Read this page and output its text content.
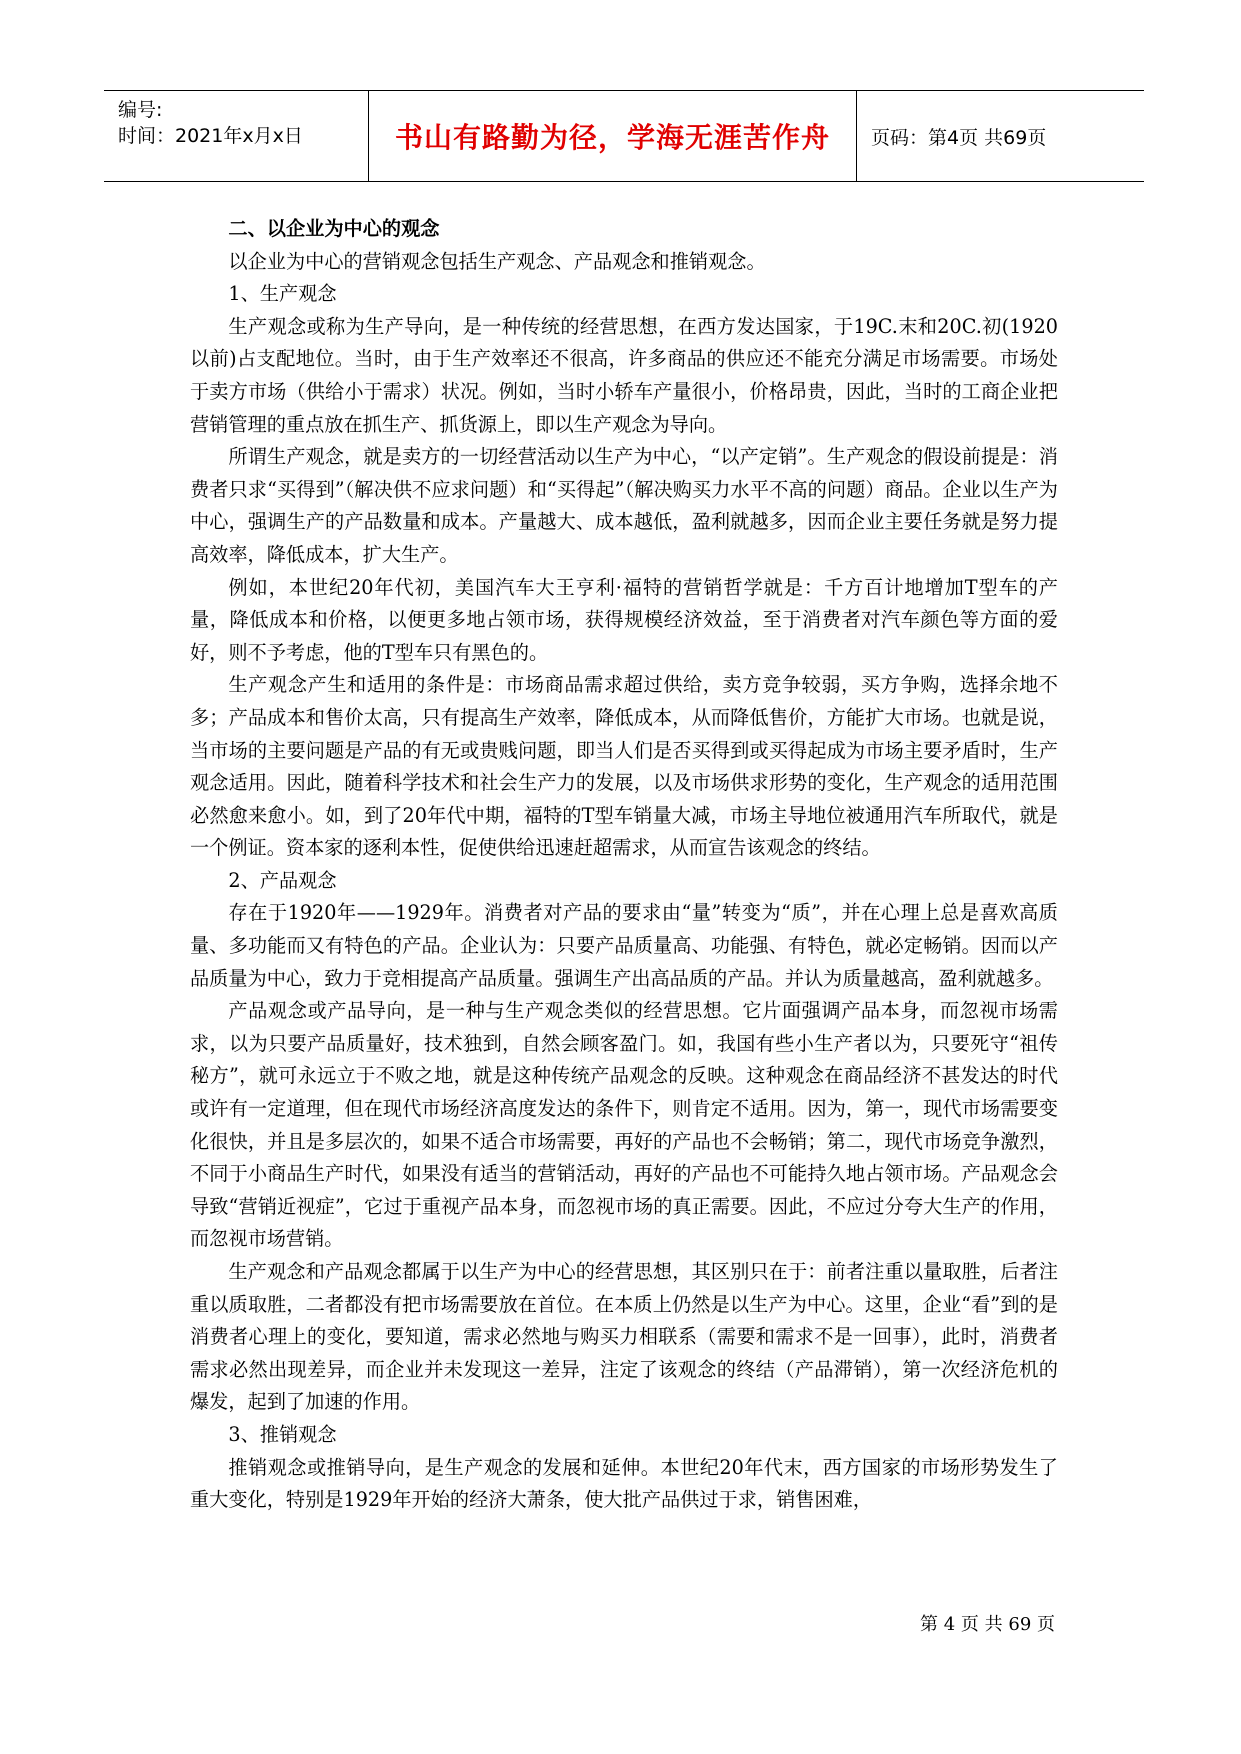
编号:
时间：2021年x月x日	书山有路勤为径，学海无涯苦作舟	页码：第4页 共69页

二、以企业为中心的观念

以企业为中心的营销观念包括生产观念、产品观念和推销观念。

1、生产观念

生产观念或称为生产导向，是一种传统的经营思想，在西方发达国家，于19C.末和20C.初(1920以前)占支配地位。当时，由于生产效率还不很高，许多商品的供应还不能充分满足市场需要。市场处于卖方市场（供给小于需求）状况。例如，当时小轿车产量很小，价格昂贵，因此，当时的工商企业把营销管理的重点放在抓生产、抓货源上，即以生产观念为导向。

所谓生产观念，就是卖方的一切经营活动以生产为中心，“以产定销”。生产观念的假设前提是：消费者只求“买得到”（解决供不应求问题）和“买得起”（解决购买力水平不高的问题）商品。企业以生产为中心，强调生产的产品数量和成本。产量越大、成本越低，盈利就越多，因而企业主要任务就是努力提高效率，降低成本，扩大生产。

例如，本世纪20年代初，美国汽车大王亨利·福特的营销哲学就是：千方百计地增加T型车的产量，降低成本和价格，以便更多地占领市场，获得规模经济效益，至于消费者对汽车颜色等方面的爱好，则不予考虑，他的T型车只有黑色的。

生产观念产生和适用的条件是：市场商品需求超过供给，卖方竞争较弱，买方争购，选择余地不多；产品成本和售价太高，只有提高生产效率，降低成本，从而降低售价，方能扩大市场。也就是说，当市场的主要问题是产品的有无或贵贱问题，即当人们是否买得到或买得起成为市场主要矛盾时，生产观念适用。因此，随着科学技术和社会生产力的发展，以及市场供求形势的变化，生产观念的适用范围必然愈来愈小。如，到了20年代中期，福特的T型车销量大减，市场主导地位被通用汽车所取代，就是一个例证。资本家的逐利本性，促使供给迅速赶超需求，从而宣告该观念的终结。

2、产品观念

存在于1920年——1929年。消费者对产品的要求由“量”转变为“质”，并在心理上总是喜欢高质量、多功能而又有特色的产品。企业认为：只要产品质量高、功能强、有特色，就必定畅销。因而以产品质量为中心，致力于竞相提高产品质量。强调生产出高品质的产品。并认为质量越高，盈利就越多。

产品观念或产品导向，是一种与生产观念类似的经营思想。它片面强调产品本身，而忽视市场需求，以为只要产品质量好，技术独到，自然会顾客盈门。如，我国有些小生产者以为，只要死守“祖传秘方”，就可永远立于不败之地，就是这种传统产品观念的反映。这种观念在商品经济不甚发达的时代或许有一定道理，但在现代市场经济高度发达的条件下，则肯定不适用。因为，第一，现代市场需要变化很快，并且是多层次的，如果不适合市场需要，再好的产品也不会畅销；第二，现代市场竞争激烈，不同于小商品生产时代，如果没有适当的营销活动，再好的产品也不可能持久地占领市场。产品观念会导致“营销近视症”，它过于重视产品本身，而忽视市场的真正需要。因此，不应过分夸大生产的作用，而忽视市场营销。

生产观念和产品观念都属于以生产为中心的经营思想，其区别只在于：前者注重以量取胜，后者注重以质取胜，二者都没有把市场需要放在首位。在本质上仍然是以生产为中心。这里，企业“看”到的是消费者心理上的变化，要知道，需求必然地与购买力相联系（需要和需求不是一回事），此时，消费者需求必然出现差异，而企业并未发现这一差异，注定了该观念的终结（产品滞销），第一次经济危机的爆发，起到了加速的作用。

3、推销观念

推销观念或推销导向，是生产观念的发展和延伸。本世纪20年代末，西方国家的市场形势发生了重大变化，特别是1929年开始的经济大萧条，使大批产品供过于求，销售困难，

第 4 页 共 69 页
